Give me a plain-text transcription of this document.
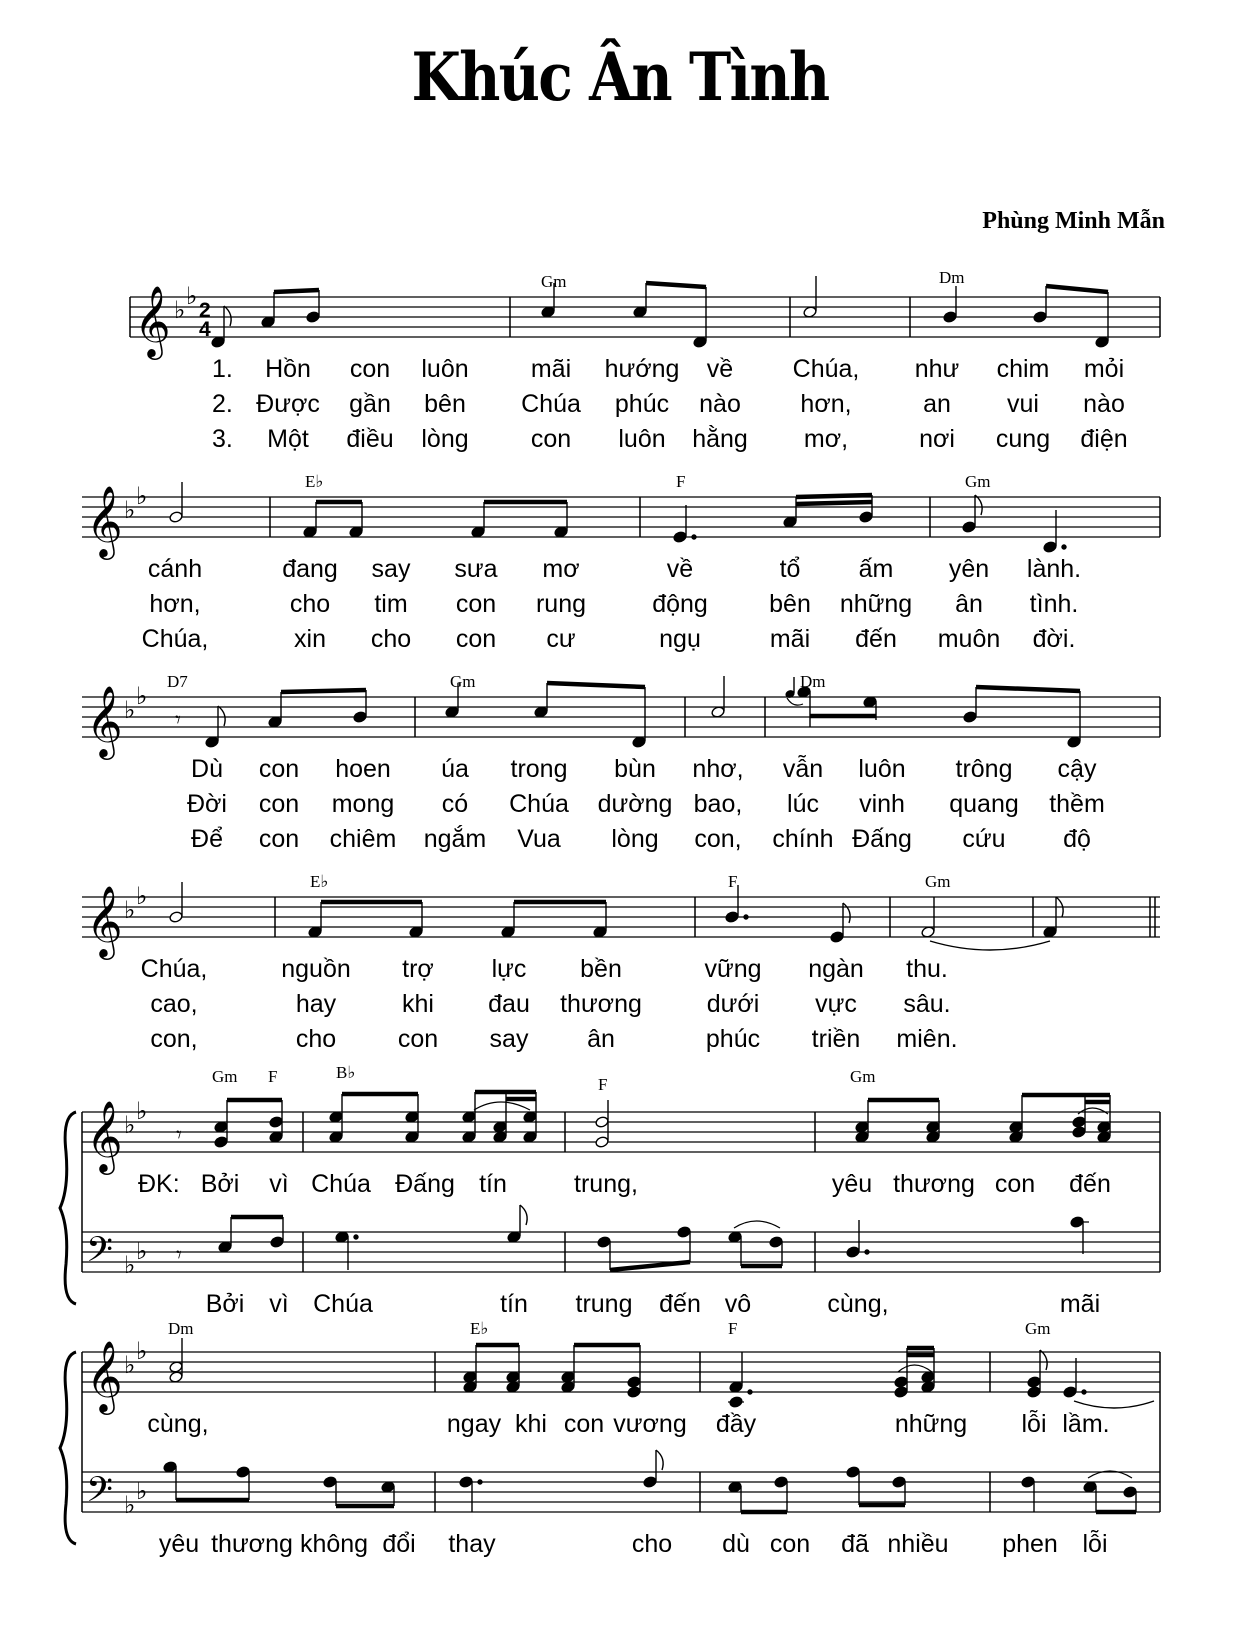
Khúc Ân Tình
Phùng Minh Mẫn
𝄞 ♭
♭
2
4
Gm	Dm
1.
2.
3.
Hồn con luôn mãi hướng về Chúa, như chim mỏi
Được gần bên Chúa phúc nào hơn,	an vui nào
Một điều lòng con luôn hằng mơ,	nơi cung điện
𝄞 ♭
♭
E♭	F	Gm
cánh	đang say sưa mơ	về	tổ ấm yên lành.
hơn,	cho tim con rung	động bên những ân tình.
Chúa,	xin cho con cư	ngụ	mãi đến muôn đời.
𝄞 ♭
♭
𝄾
D7	Gm	Dm
Dù con hoen úa trong bùn nhơ, vẫn luôn trông cậy
Đời con mong có Chúa dường bao, lúc vinh quang thềm
Để con chiêm ngắm Vua lòng con, chính Đấng cứu độ
𝄞 ♭
♭
E♭	F	Gm
Chúa,	nguồn trợ lực bền	vững ngàn thu.
cao,	hay	khi đau thương	dưới vực sâu.
con,	cho con say ân	phúc triền miên.
𝄞 ♭
♭
𝄢 ♭
♭
𝄾
𝄾
Gm F	B♭
F	Gm
ĐK: Bởi vì Chúa Đấng tín	trung,	yêu thương con đến
Bởi vì Chúa	tín trung đến vô	cùng,	mãi
𝄞 ♭
♭
𝄢 ♭
♭
Dm	E♭	F	Gm
cùng,	ngay khi con vương đầy	những lỗi lầm.
yêu thương không đổi thay	cho dù con đã nhiều phen lỗi
